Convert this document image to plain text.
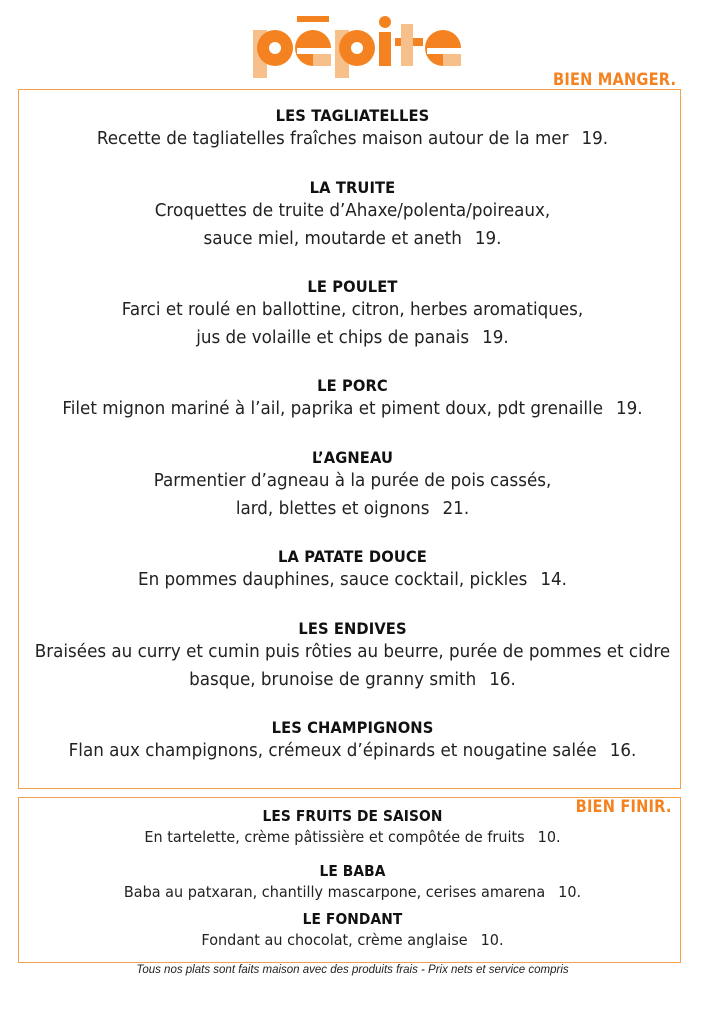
BIEN MANGER.
LES TAGLIATELLES
Recette de tagliatelles fraîches maison autour de la mer 19.
LA TRUITE
Croquettes de truite d’Ahaxe/polenta/poireaux,
sauce miel, moutarde et aneth 19.
LE POULET
Farci et roulé en ballottine, citron, herbes aromatiques,
jus de volaille et chips de panais 19.
LE PORC
Filet mignon mariné à l’ail, paprika et piment doux, pdt grenaille 19.
L’AGNEAU
Parmentier d’agneau à la purée de pois cassés,
lard, blettes et oignons 21.
LA PATATE DOUCE
En pommes dauphines, sauce cocktail, pickles 14.
LES ENDIVES
Braisées au curry et cumin puis rôties au beurre, purée de pommes et cidre
basque, brunoise de granny smith 16.
LES CHAMPIGNONS
Flan aux champignons, crémeux d’épinards et nougatine salée 16.
BIEN FINIR.
LES FRUITS DE SAISON
En tartelette, crème pâtissière et compôtée de fruits 10.
LE BABA
Baba au patxaran, chantilly mascarpone, cerises amarena 10.
LE FONDANT
Fondant au chocolat, crème anglaise 10.
Tous nos plats sont faits maison avec des produits frais - Prix nets et service compris
